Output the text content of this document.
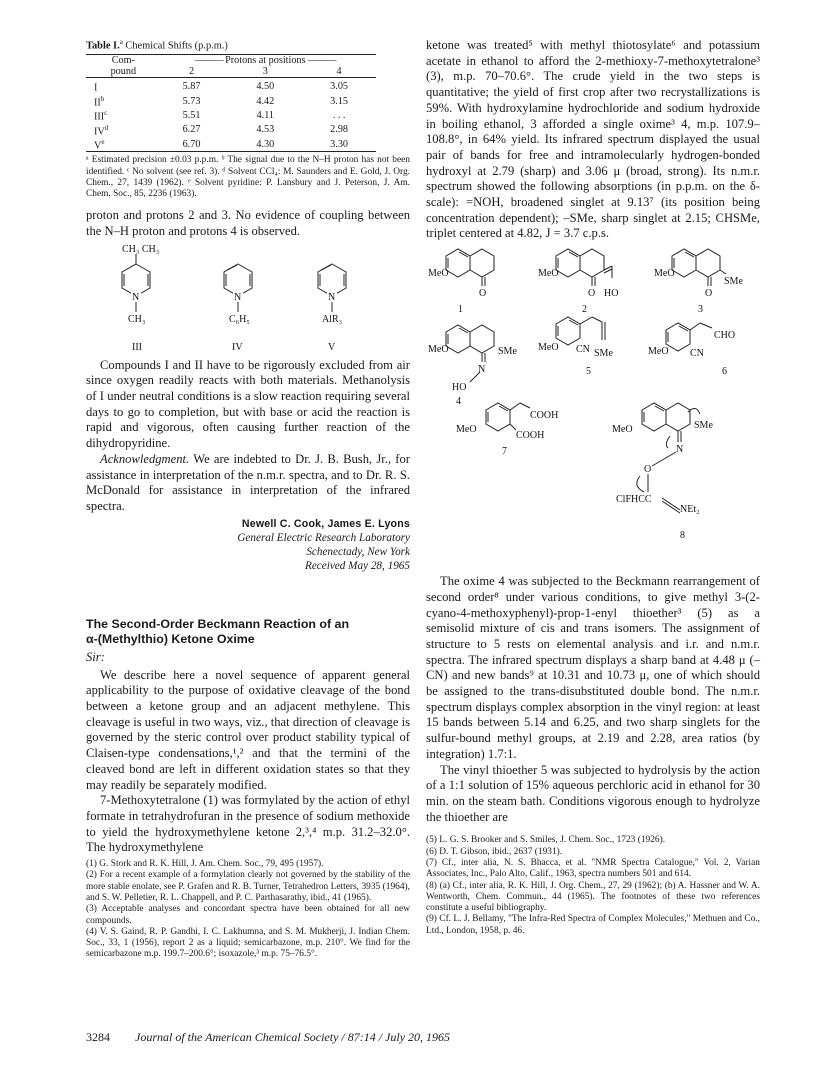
Table I.$^a$ Chemical Shifts (p.p.m.)

Com-
pound	——— Protons at positions ———		
	2	3	4

I	5.87	4.50	3.05
$II^b$	5.73	4.42	3.15
III$^c$	5.51	4.11	. . .
$IV^d$	6.27	4.53	2.98
Ve	6.70	4.30	3.30

ᵃ Estimated precision ±0.03 p.p.m. ᵇ The signal due to the N–H proton has not been identified. ᶜ No solvent (see ref. 3). ᵈ Solvent CCl₄: M. Saunders and E. Gold, J. Org. Chem., 27, 1439 (1962). ᵉ Solvent pyridine: P. Lansbury and J. Peterson, J. Am. Chem. Soc., 85, 2236 (1963).

proton and protons 2 and 3. No evidence of coupling between the N–H proton and protons 4 is observed.

CH₃ CH₃
N
CH₃
III
N
C₆H₅
IV
N
AlR₃
V

Compounds I and II have to be rigorously excluded from air since oxygen readily reacts with both materials. Methanolysis of I under neutral conditions is a slow reaction requiring several days to go to completion, but with base or acid the reaction is rapid and vigorous, often causing further reaction of the dihydropyridine.

Acknowledgment. We are indebted to Dr. J. B. Bush, Jr., for assistance in interpretation of the n.m.r. spectra, and to Dr. R. S. McDonald for assistance in interpretation of the infrared spectra.

Newell C. Cook, James E. Lyons
General Electric Research Laboratory
Schenectady, New York
Received May 28, 1965
The Second-Order Beckmann Reaction of an
α-(Methylthio) Ketone Oxime
Sir:

We describe here a novel sequence of apparent general applicability to the purpose of oxidative cleavage of the bond between a ketone group and an adjacent methylene. This cleavage is useful in two ways, viz., that direction of cleavage is governed by the steric control over product stability typical of Claisen-type condensations,¹,² and that the termini of the cleaved bond are left in different oxidation states so that they may readily be separately modified.

7-Methoxytetralone (1) was formylated by the action of ethyl formate in tetrahydrofuran in the presence of sodium methoxide to yield the hydroxymethylene ketone 2,³,⁴ m.p. 31.2–32.0°. The hydroxymethylene

(1) G. Stork and R. K. Hill, J. Am. Chem. Soc., 79, 495 (1957).

(2) For a recent example of a formylation clearly not governed by the stability of the more stable enolate, see P. Grafen and R. B. Turner, Tetrahedron Letters, 3935 (1964), and S. W. Pelletier, R. L. Chappell, and P. C. Parthasarathy, ibid., 41 (1965).

(3) Acceptable analyses and concordant spectra have been obtained for all new compounds.

(4) V. S. Gaind, R. P. Gandhi, I. C. Lakhumna, and S. M. Mukherji, J. Indian Chem. Soc., 33, 1 (1956), report 2 as a liquid; semicarbazone, m.p. 210°. We find for the semicarbazone m.p. 199.7–200.6°; isoxazole,³ m.p. 75–76.5°.

ketone was treated⁵ with methyl thiotosylate⁶ and potassium acetate in ethanol to afford the 2-methioxy-7-methoxytetralone³ (3), m.p. 70–70.6°. The crude yield in the two steps is quantitative; the yield of first crop after two recrystallizations is 59%. With hydroxylamine hydrochloride and sodium hydroxide in boiling ethanol, 3 afforded a single oxime³ 4, m.p. 107.9–108.8°, in 64% yield. Its infrared spectrum displayed the usual pair of bands for free and intramolecularly hydrogen-bonded hydroxyl at 2.79 (sharp) and 3.06 μ (broad, strong). Its n.m.r. spectrum showed the following absorptions (in p.p.m. on the δ-scale): =NOH, broadened singlet at 9.13⁷ (its position being concentration dependent); –SMe, sharp singlet at 2.15; CHSMe, triplet centered at 4.82, J = 3.7 c.p.s.

MeO
O
1
MeO
O HO
2
MeO
O
SMe
3
MeO
N
SMe
HO
4
MeO CN SMe
5
MeO
CHO
CN
6
MeO
COOH
COOH
7
MeO	SMe
N
O
ClFHCC
NEt₂
8

The oxime 4 was subjected to the Beckmann rearrangement of second order⁸ under various conditions, to give methyl 3-(2-cyano-4-methoxyphenyl)-prop-1-enyl thioether³ (5) as a semisolid mixture of cis and trans isomers. The assignment of structure to 5 rests on elemental analysis and i.r. and n.m.r. spectra. The infrared spectrum displays a sharp band at 4.48 μ (–CN) and new bands⁹ at 10.31 and 10.73 μ, one of which should be assigned to the trans-disubstituted double bond. The n.m.r. spectrum displays complex absorption in the vinyl region: at least 15 bands between 5.14 and 6.25, and two sharp singlets for the sulfur-bound methyl groups, at 2.19 and 2.28, area ratios (by integration) 1.7:1.

The vinyl thioether 5 was subjected to hydrolysis by the action of a 1:1 solution of 15% aqueous perchloric acid in ethanol for 30 min. on the steam bath. Conditions vigorous enough to hydrolyze the thioether are

(5) L. G. S. Brooker and S. Smiles, J. Chem. Soc., 1723 (1926).

(6) D. T. Gibson, ibid., 2637 (1931).

(7) Cf., inter alia, N. S. Bhacca, et al. "NMR Spectra Catalogue," Vol. 2, Varian Associates, Inc., Palo Alto, Calif., 1963, spectra numbers 501 and 614.

(8) (a) Cf., inter alia, R. K. Hill, J. Org. Chem., 27, 29 (1962); (b) A. Hassner and W. A. Wentworth, Chem. Commun., 44 (1965). The footnotes of these two references constitute a useful bibliography.

(9) Cf. L. J. Bellamy, "The Infra-Red Spectra of Complex Molecules," Methuen and Co., Ltd., London, 1958, p. 46.

3284 Journal of the American Chemical Society / 87:14 / July 20, 1965
